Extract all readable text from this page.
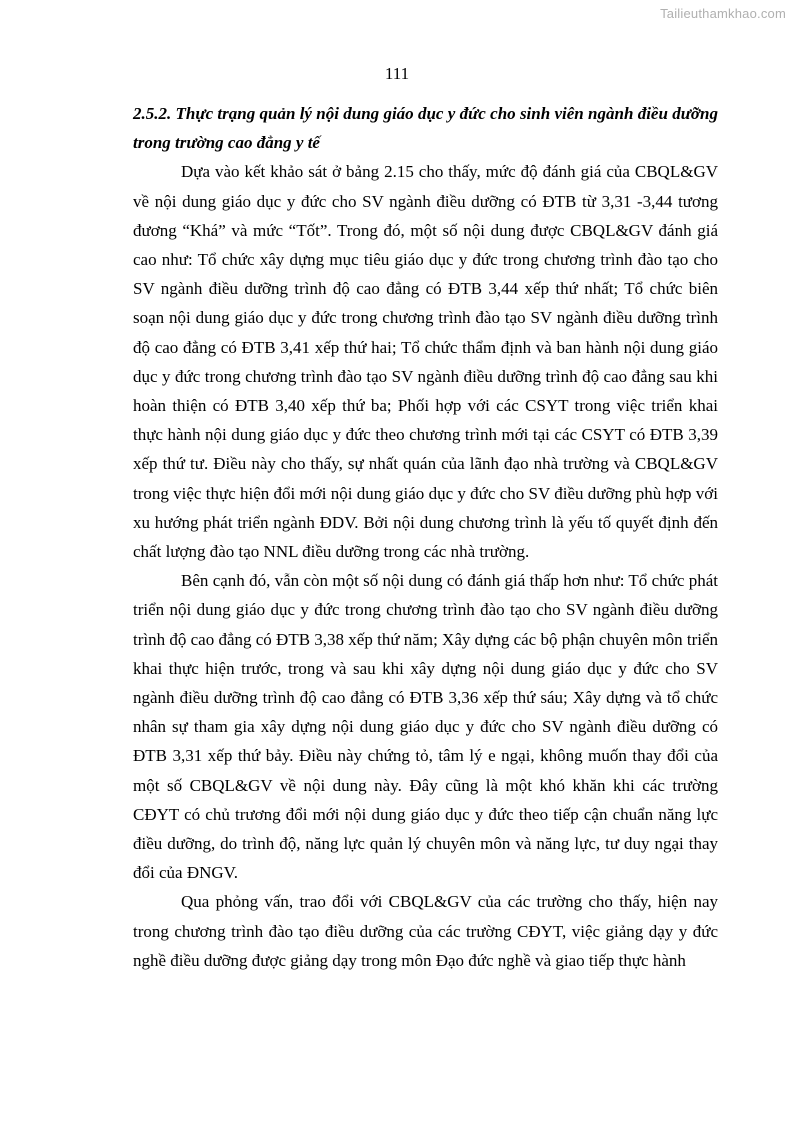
Tailieuthamkhao.com
111

2.5.2. Thực trạng quản lý nội dung giáo dục y đức cho sinh viên ngành điều dưỡng trong trường cao đẳng y tế

Dựa vào kết khảo sát ở bảng 2.15 cho thấy, mức độ đánh giá của CBQL&GV về nội dung giáo dục y đức cho SV ngành điều dưỡng có ĐTB từ 3,31 -3,44 tương đương “Khá” và mức “Tốt”. Trong đó, một số nội dung được CBQL&GV đánh giá cao như: Tổ chức xây dựng mục tiêu giáo dục y đức trong chương trình đào tạo cho SV ngành điều dưỡng trình độ cao đẳng có ĐTB 3,44 xếp thứ nhất; Tổ chức biên soạn nội dung giáo dục y đức trong chương trình đào tạo SV ngành điều dưỡng trình độ cao đẳng có ĐTB 3,41 xếp thứ hai; Tổ chức thẩm định và ban hành nội dung giáo dục y đức trong chương trình đào tạo SV ngành điều dưỡng trình độ cao đẳng sau khi hoàn thiện có ĐTB 3,40 xếp thứ ba; Phối hợp với các CSYT trong việc triển khai thực hành nội dung giáo dục y đức theo chương trình mới tại các CSYT có ĐTB 3,39 xếp thứ tư. Điều này cho thấy, sự nhất quán của lãnh đạo nhà trường và CBQL&GV trong việc thực hiện đổi mới nội dung giáo dục y đức cho SV điều dưỡng phù hợp với xu hướng phát triển ngành ĐDV. Bởi nội dung chương trình là yếu tố quyết định đến chất lượng đào tạo NNL điều dưỡng trong các nhà trường.

Bên cạnh đó, vẫn còn một số nội dung có đánh giá thấp hơn như: Tổ chức phát triển nội dung giáo dục y đức trong chương trình đào tạo cho SV ngành điều dưỡng trình độ cao đẳng có ĐTB 3,38 xếp thứ năm; Xây dựng các bộ phận chuyên môn triển khai thực hiện trước, trong và sau khi xây dựng nội dung giáo dục y đức cho SV ngành điều dưỡng trình độ cao đẳng có ĐTB 3,36 xếp thứ sáu; Xây dựng và tổ chức nhân sự tham gia xây dựng nội dung giáo dục y đức cho SV ngành điều dưỡng có ĐTB 3,31 xếp thứ bảy. Điều này chứng tỏ, tâm lý e ngại, không muốn thay đổi của một số CBQL&GV về nội dung này. Đây cũng là một khó khăn khi các trường CĐYT có chủ trương đổi mới nội dung giáo dục y đức theo tiếp cận chuẩn năng lực điều dưỡng, do trình độ, năng lực quản lý chuyên môn và năng lực, tư duy ngại thay đổi của ĐNGV.

Qua phỏng vấn, trao đổi với CBQL&GV của các trường cho thấy, hiện nay trong chương trình đào tạo điều dưỡng của các trường CĐYT, việc giảng dạy y đức nghề điều dưỡng được giảng dạy trong môn Đạo đức nghề và giao tiếp thực hành
